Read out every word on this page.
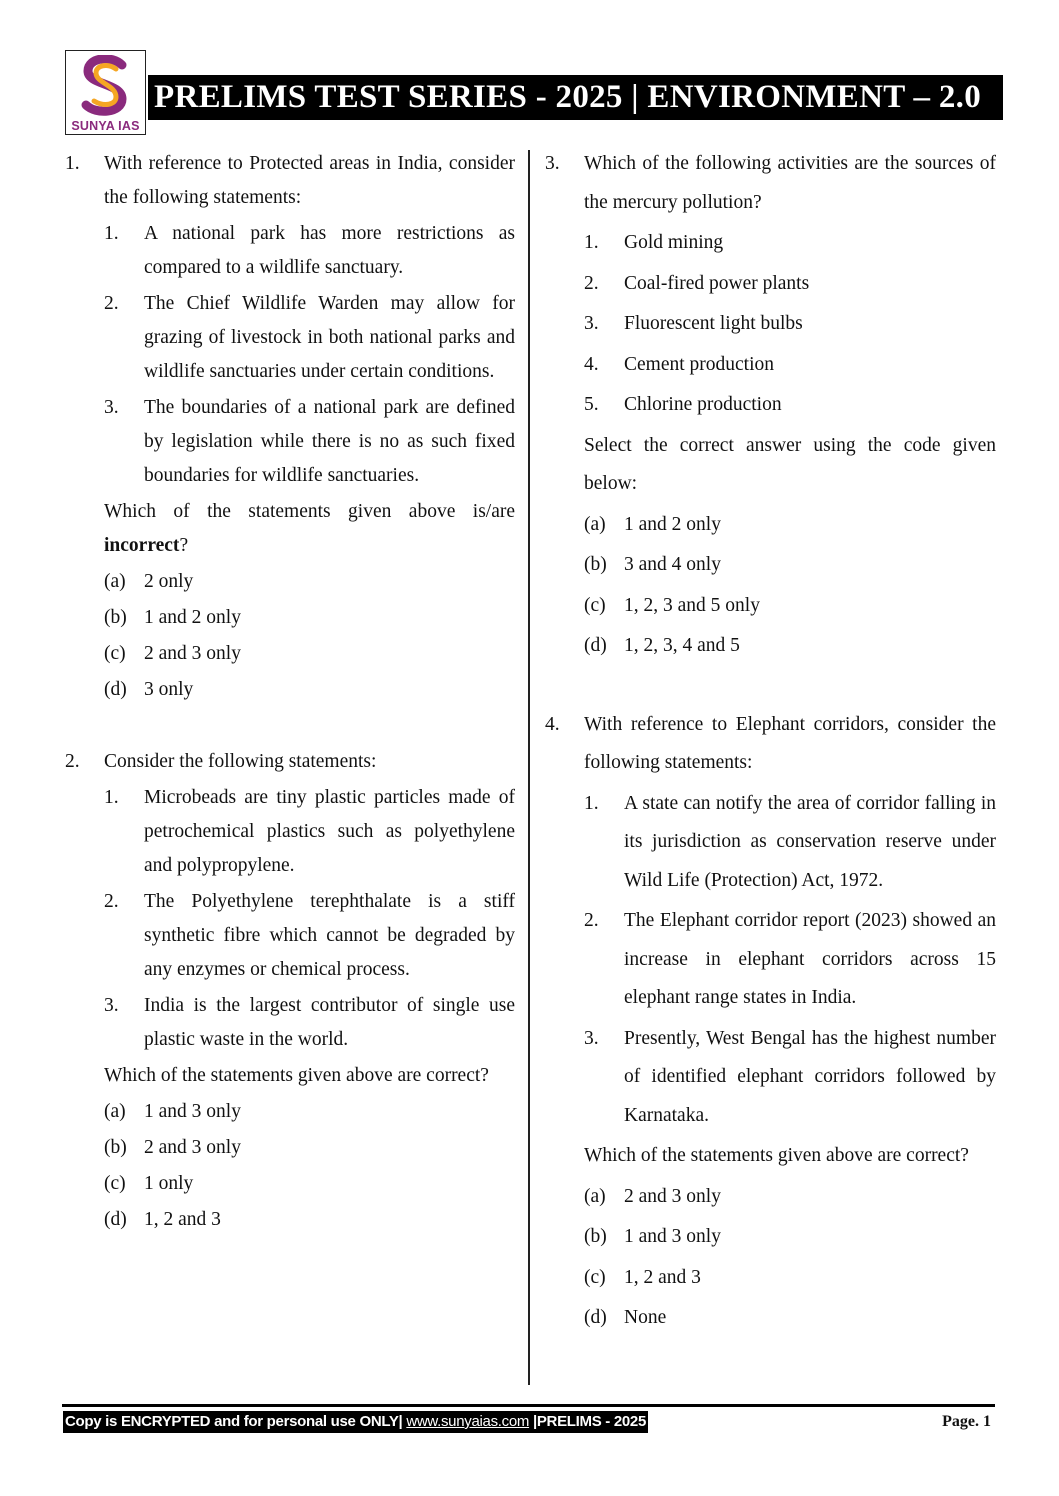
SUNYA IAS
PRELIMS TEST SERIES - 2025 | ENVIRONMENT – 2.0
1. With reference to Protected areas in India, consider the following statements:
1. A national park has more restrictions as compared to a wildlife sanctuary.
2. The Chief Wildlife Warden may allow for grazing of livestock in both national parks and wildlife sanctuaries under certain conditions.
3. The boundaries of a national park are defined by legislation while there is no as such fixed boundaries for wildlife sanctuaries.
Which of the statements given above is/are incorrect?
(a) 2 only
(b) 1 and 2 only
(c) 2 and 3 only
(d) 3 only
2. Consider the following statements:
1. Microbeads are tiny plastic particles made of petrochemical plastics such as polyethylene and polypropylene.
2. The Polyethylene terephthalate is a stiff synthetic fibre which cannot be degraded by any enzymes or chemical process.
3. India is the largest contributor of single use plastic waste in the world.
Which of the statements given above are correct?
(a) 1 and 3 only
(b) 2 and 3 only
(c) 1 only
(d) 1, 2 and 3
3. Which of the following activities are the sources of the mercury pollution?
1. Gold mining
2. Coal-fired power plants
3. Fluorescent light bulbs
4. Cement production
5. Chlorine production
Select the correct answer using the code given below:
(a) 1 and 2 only
(b) 3 and 4 only
(c) 1, 2, 3 and 5 only
(d) 1, 2, 3, 4 and 5
4. With reference to Elephant corridors, consider the following statements:
1. A state can notify the area of corridor falling in its jurisdiction as conservation reserve under Wild Life (Protection) Act, 1972.
2. The Elephant corridor report (2023) showed an increase in elephant corridors across 15 elephant range states in India.
3. Presently, West Bengal has the highest number of identified elephant corridors followed by Karnataka.
Which of the statements given above are correct?
(a) 2 and 3 only
(b) 1 and 3 only
(c) 1, 2 and 3
(d) None
Copy is ENCRYPTED and for personal use ONLY| www.sunyaias.com |PRELIMS - 2025	Page. 1
